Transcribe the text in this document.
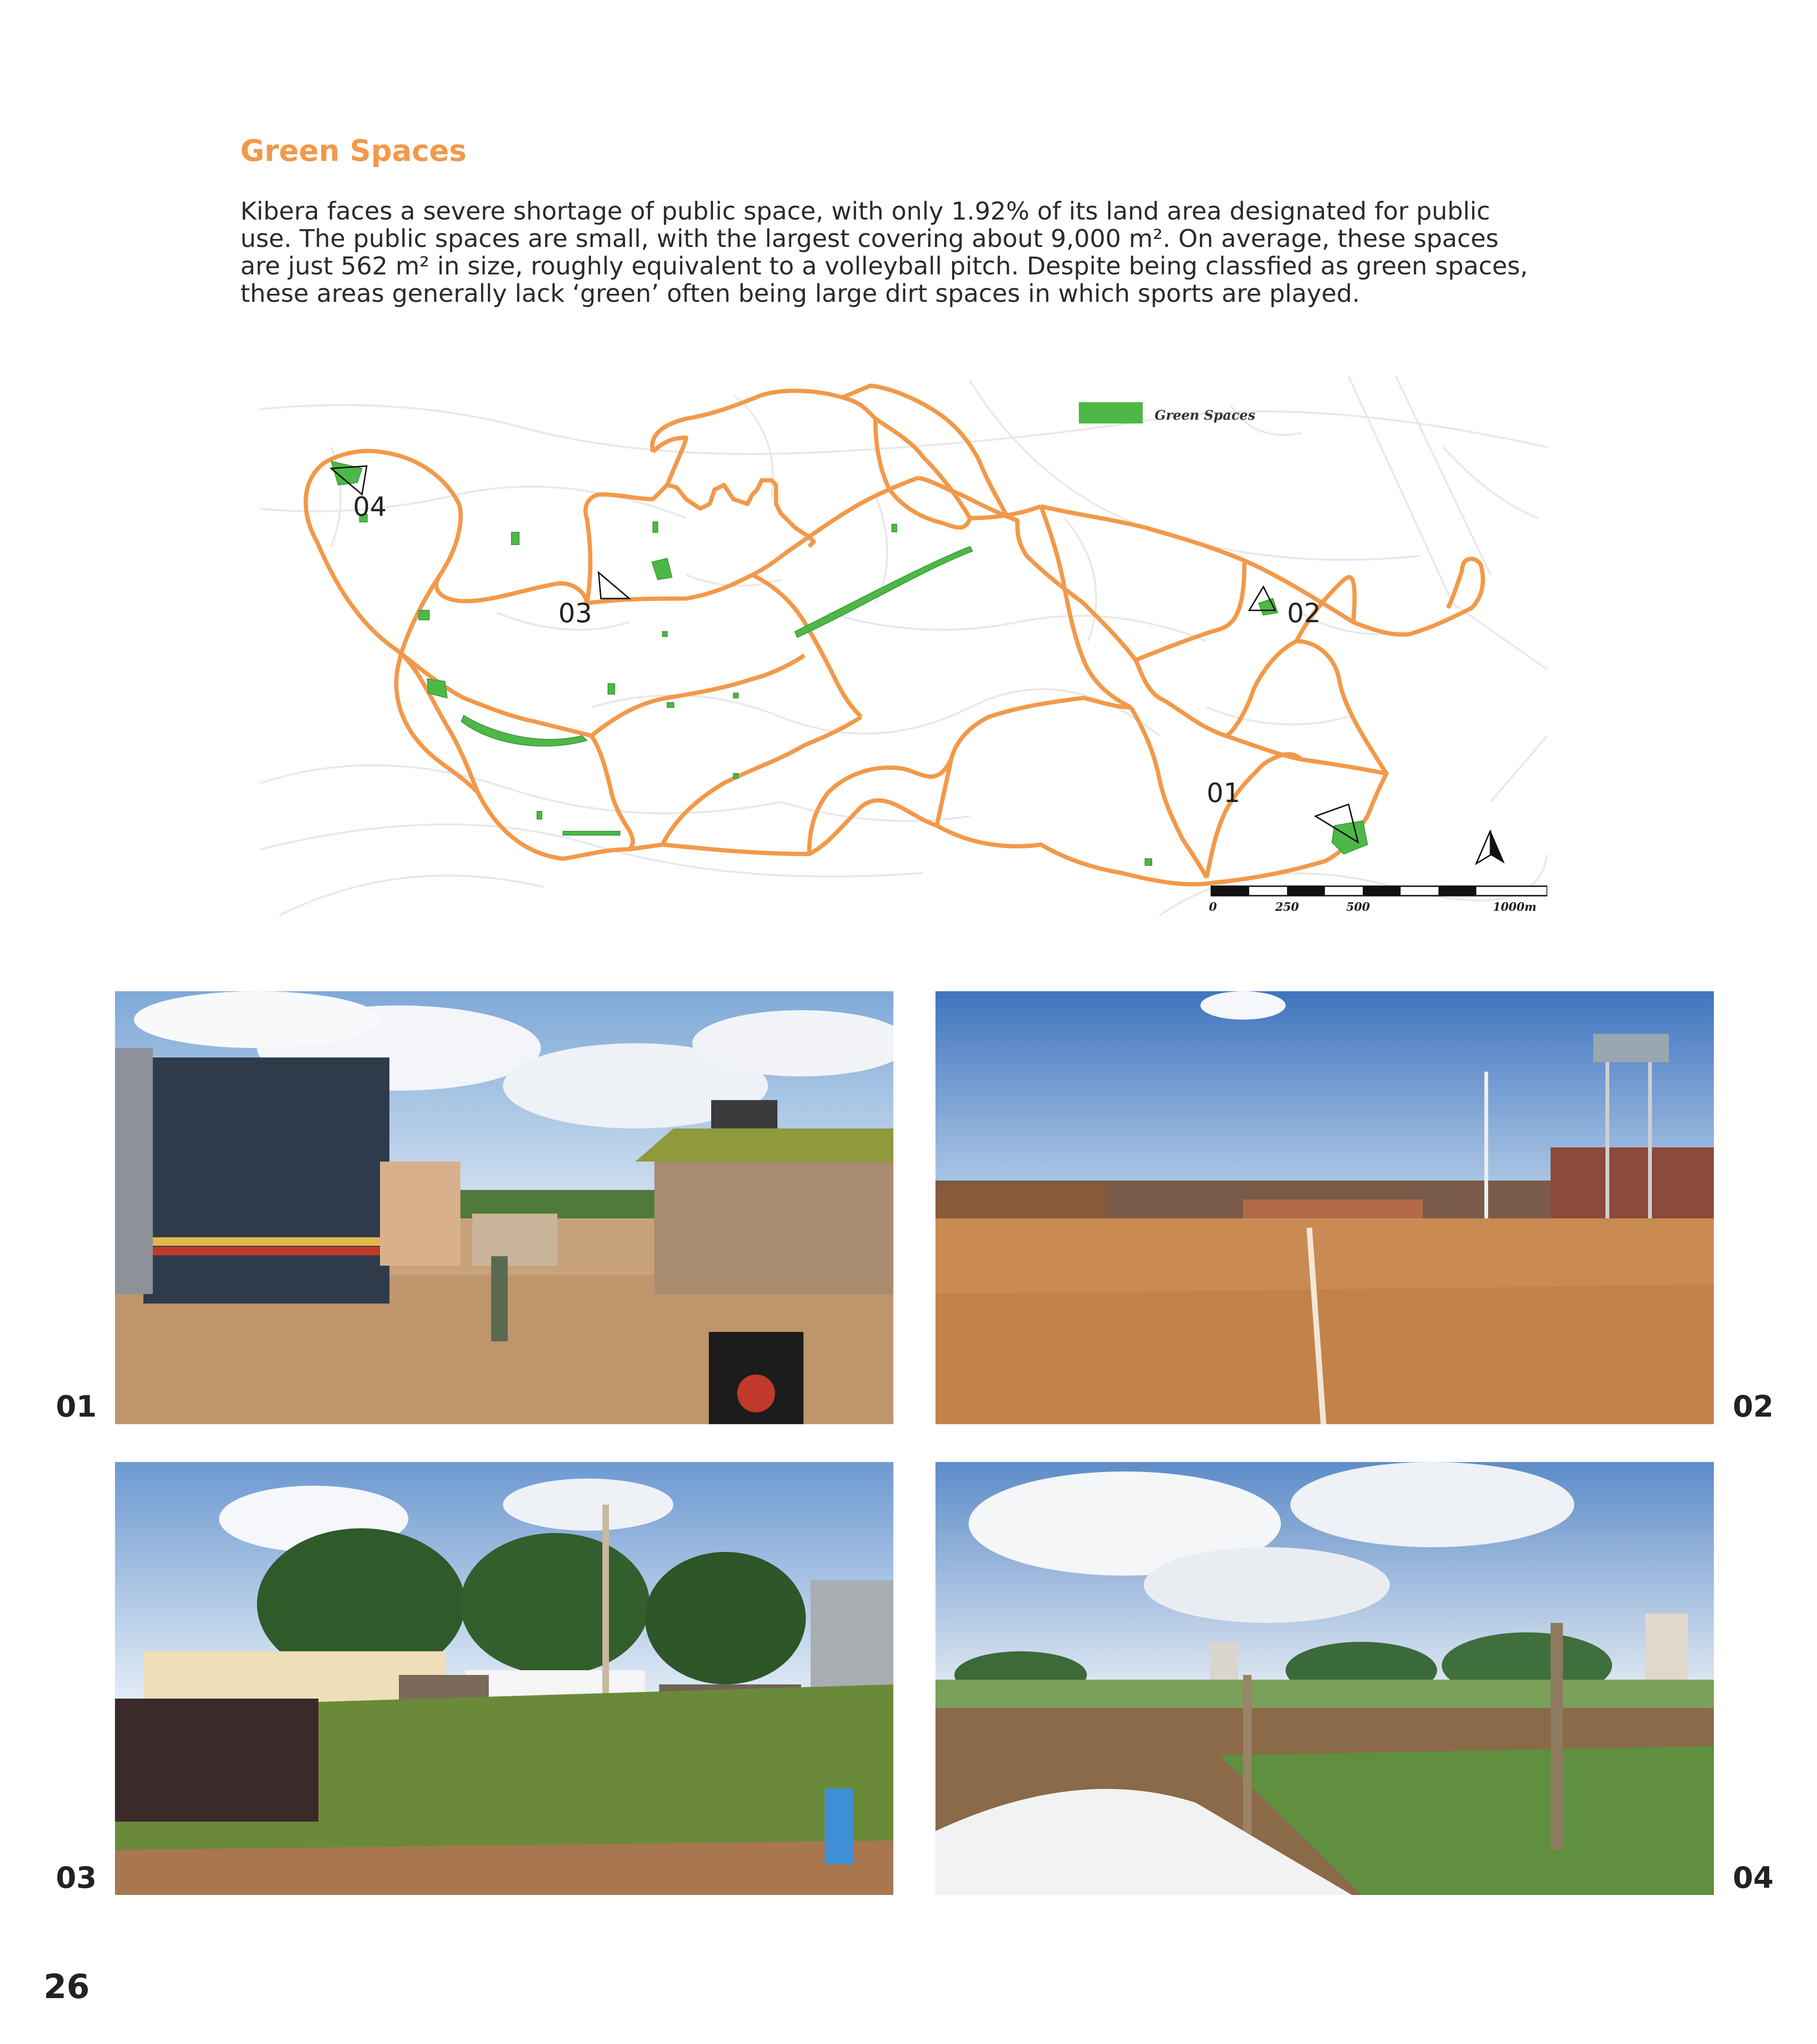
Green Spaces

Kibera faces a severe shortage of public space, with only 1.92% of its land area designated for public

use. The public spaces are small, with the largest covering about 9,000 m². On average, these spaces

are just 562 m² in size, roughly equivalent to a volleyball pitch. Despite being classfied as green spaces,

these areas generally lack ‘green’ often being large dirt spaces in which sports are played.

Green Spaces
04
03	02
01
0	250	500	1000m
01	02
03	04
26
